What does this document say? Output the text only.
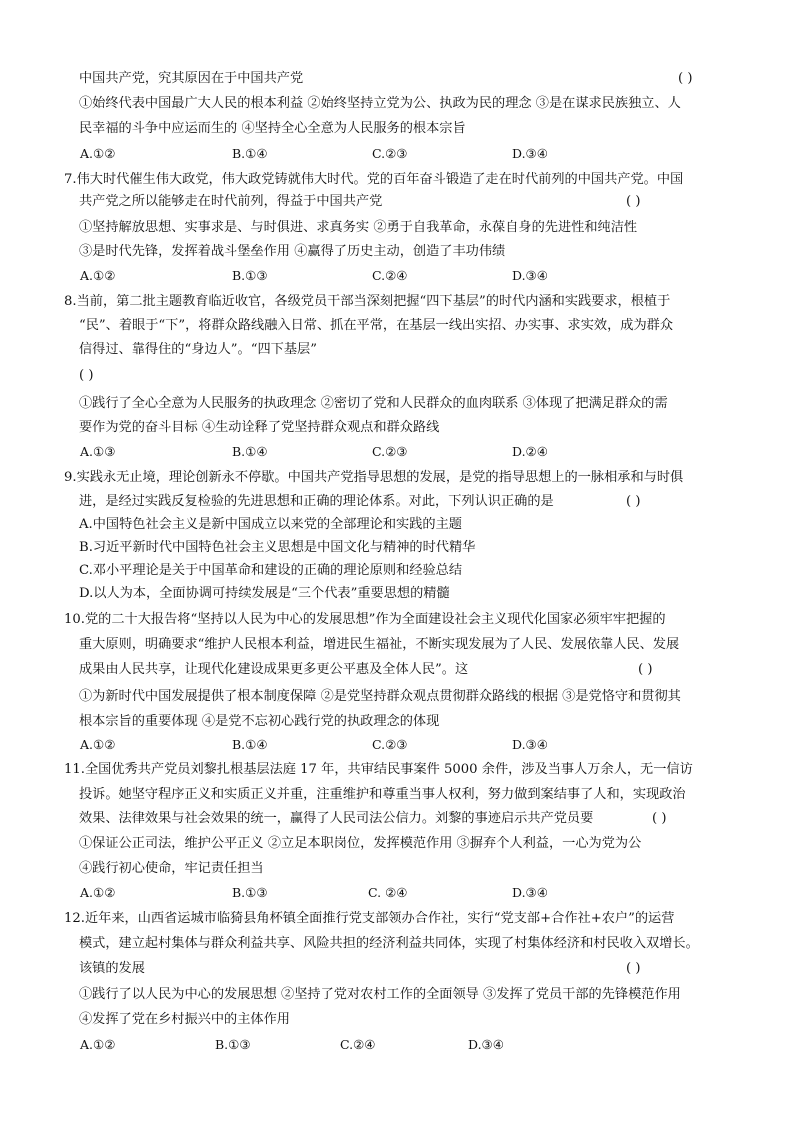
中国共产党，究其原因在于中国共产党	( )
①始终代表中国最广大人民的根本利益 ②始终坚持立党为公、执政为民的理念 ③是在谋求民族独立、人
民幸福的斗争中应运而生的 ④坚持全心全意为人民服务的根本宗旨
A.①②	B.①④	C.②③	D.③④
7.伟大时代催生伟大政党，伟大政党铸就伟大时代。党的百年奋斗锻造了走在时代前列的中国共产党。中国
共产党之所以能够走在时代前列，得益于中国共产党	( )
①坚持解放思想、实事求是、与时俱进、求真务实 ②勇于自我革命，永葆自身的先进性和纯洁性
③是时代先锋，发挥着战斗堡垒作用 ④赢得了历史主动，创造了丰功伟绩
A.①②	B.①③	C.②④	D.③④
8.当前，第二批主题教育临近收官，各级党员干部当深刻把握“四下基层”的时代内涵和实践要求，根植于
“民”、着眼于“下”，将群众路线融入日常、抓在平常，在基层一线出实招、办实事、求实效，成为群众
信得过、靠得住的“身边人”。“四下基层”
( )
①践行了全心全意为人民服务的执政理念 ②密切了党和人民群众的血肉联系 ③体现了把满足群众的需
要作为党的奋斗目标 ④生动诠释了党坚持群众观点和群众路线
A.①③	B.①④	C.②③	D.②④
9.实践永无止境，理论创新永不停歇。中国共产党指导思想的发展，是党的指导思想上的一脉相承和与时俱
进，是经过实践反复检验的先进思想和正确的理论体系。对此，下列认识正确的是	( )
A.中国特色社会主义是新中国成立以来党的全部理论和实践的主题
B.习近平新时代中国特色社会主义思想是中国文化与精神的时代精华
C.邓小平理论是关于中国革命和建设的正确的理论原则和经验总结
D.以人为本，全面协调可持续发展是“三个代表”重要思想的精髓
10.党的二十大报告将“坚持以人民为中心的发展思想”作为全面建设社会主义现代化国家必须牢牢把握的
重大原则，明确要求“维护人民根本利益，增进民生福祉，不断实现发展为了人民、发展依靠人民、发展
成果由人民共享，让现代化建设成果更多更公平惠及全体人民”。这	( )
①为新时代中国发展提供了根本制度保障 ②是党坚持群众观点贯彻群众路线的根据 ③是党恪守和贯彻其
根本宗旨的重要体现 ④是党不忘初心践行党的执政理念的体现
A.①②	B.①④	C.②③	D.③④
11.全国优秀共产党员刘黎扎根基层法庭 17 年，共审结民事案件 5000 余件，涉及当事人万余人，无一信访
投诉。她坚守程序正义和实质正义并重，注重维护和尊重当事人权利，努力做到案结事了人和，实现政治
效果、法律效果与社会效果的统一，赢得了人民司法公信力。刘黎的事迹启示共产党员要	( )
①保证公正司法，维护公平正义 ②立足本职岗位，发挥模范作用 ③摒弃个人利益，一心为党为公
④践行初心使命，牢记责任担当
A.①②	B.①③	C. ②④	D.③④
12.近年来，山西省运城市临猗县角杯镇全面推行党支部领办合作社，实行“党支部+合作社+农户”的运营
模式，建立起村集体与群众利益共享、风险共担的经济利益共同体，实现了村集体经济和村民收入双增长。
该镇的发展	( )
①践行了以人民为中心的发展思想 ②坚持了党对农村工作的全面领导 ③发挥了党员干部的先锋模范作用
④发挥了党在乡村振兴中的主体作用
A.①②	B.①③	C.②④	D.③④
